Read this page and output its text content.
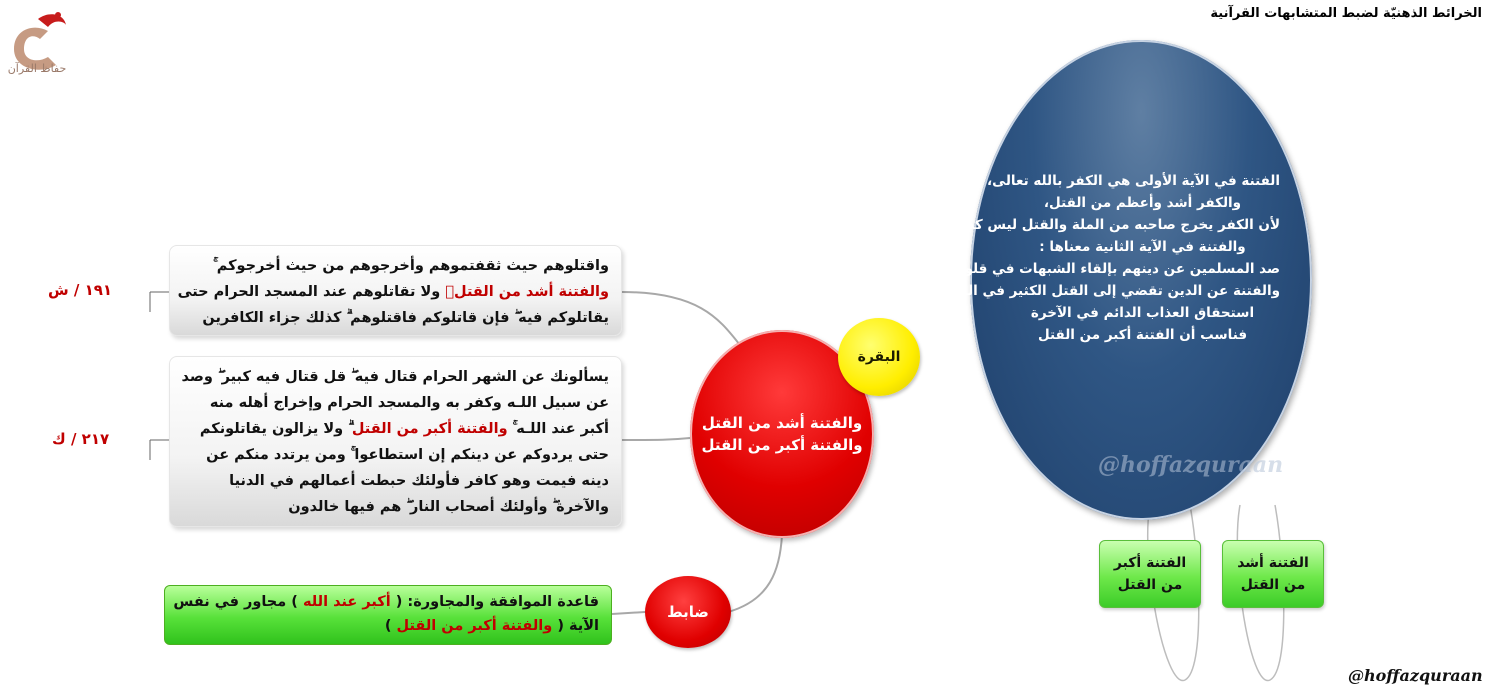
حفاظ القرآن
الخرائط الذهنيّة لضبط المتشابهات القرآنية
١٩١ / ش
٢١٧ / ك
واقتلوهم حيث ثقفتموهم وأخرجوهم من حيث أخرجوكم ۚ
والفتنة أشد من القتلۚ ولا تقاتلوهم عند المسجد الحرام حتى
يقاتلوكم فيه ۖ فإن قاتلوكم فاقتلوهم ۗ كذلك جزاء الكافرين
يسألونك عن الشهر الحرام قتال فيه ۖ قل قتال فيه كبير ۖ وصد
عن سبيل اللـه وكفر به والمسجد الحرام وإخراج أهله منه
أكبر عند اللـه ۚ والفتنة أكبر من القتل ۗ ولا يزالون يقاتلونكم
حتى يردوكم عن دينكم إن استطاعوا ۚ ومن يرتدد منكم عن
دينه فيمت وهو كافر فأولئك حبطت أعمالهم في الدنيا
والآخرة ۖ وأولئك أصحاب النار ۖ هم فيها خالدون
والفتنة أشد من القتل
والفتنة أكبر من القتل
البقرة
ضابط
قاعدة الموافقة والمجاورة: ( أكبر عند الله ) مجاور في نفس
الآية ( والفتنة أكبر من القتل )
الفتنة في الآية الأولى هي الكفر بالله تعالى،
والكفر أشد وأعظم من القتل،
لأن الكفر يخرج صاحبه من الملة والقتل ليس كذلك،
والفتنة في الآية الثانية معناها :
صد المسلمين عن دينهم بإلقاء الشبهات في قلوبهم
والفتنة عن الدين تقضي إلى القتل الكثير في الدنيا وإلى
استحقاق العذاب الدائم في الآخرة
فناسب أن الفتنة أكبر من القتل
@hoffazquraan
الفتنة أكبر
من القتل
الفتنة أشد
من القتل
@hoffazquraan
